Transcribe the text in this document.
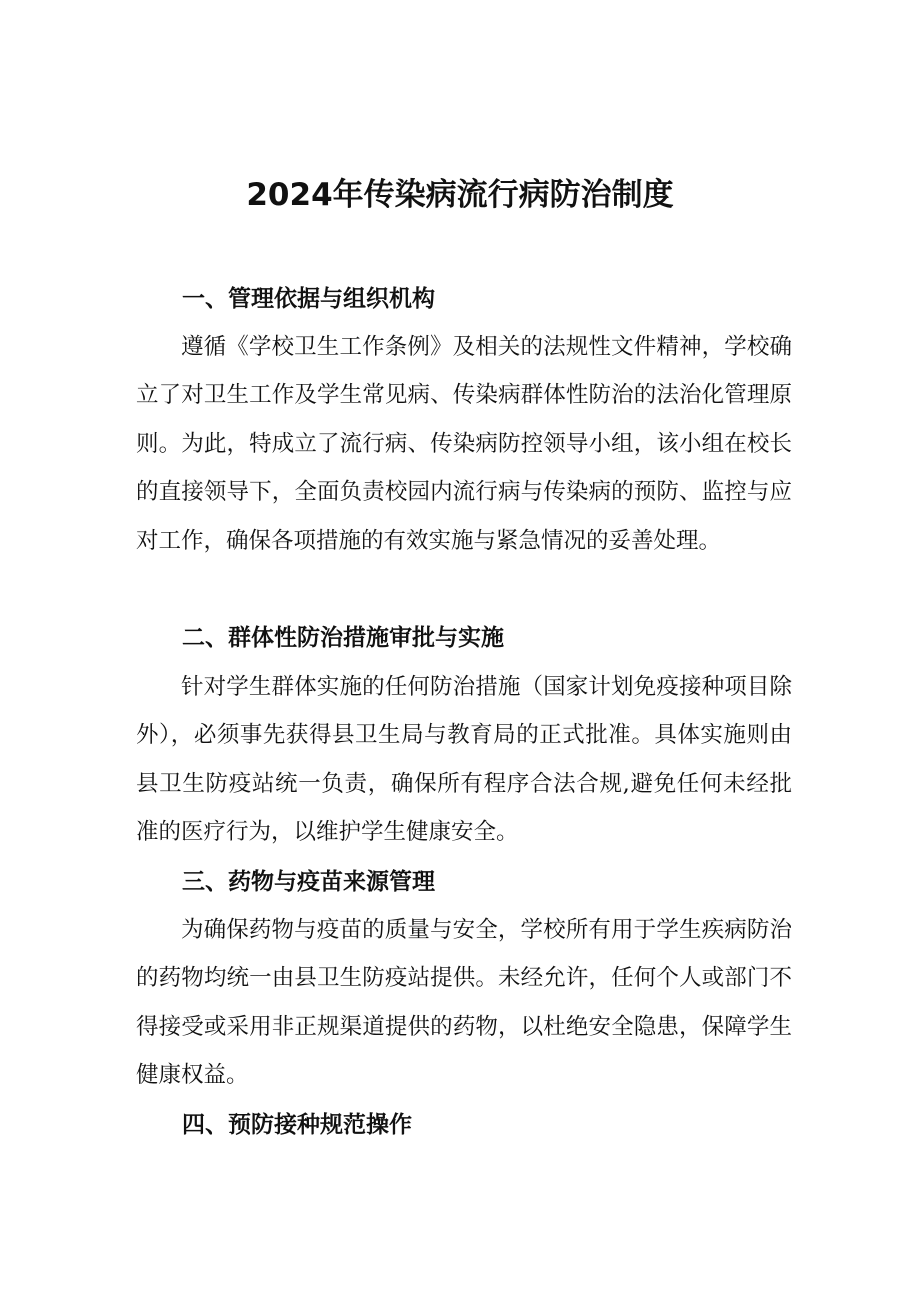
2024年传染病流行病防治制度
一、管理依据与组织机构

遵循《学校卫生工作条例》及相关的法规性文件精神，学校确立了对卫生工作及学生常见病、传染病群体性防治的法治化管理原则。为此，特成立了流行病、传染病防控领导小组，该小组在校长的直接领导下，全面负责校园内流行病与传染病的预防、监控与应对工作，确保各项措施的有效实施与紧急情况的妥善处理。

二、群体性防治措施审批与实施

针对学生群体实施的任何防治措施（国家计划免疫接种项目除外），必须事先获得县卫生局与教育局的正式批准。具体实施则由县卫生防疫站统一负责，确保所有程序合法合规,避免任何未经批准的医疗行为，以维护学生健康安全。

三、药物与疫苗来源管理

为确保药物与疫苗的质量与安全，学校所有用于学生疾病防治的药物均统一由县卫生防疫站提供。未经允许，任何个人或部门不得接受或采用非正规渠道提供的药物，以杜绝安全隐患，保障学生健康权益。

四、预防接种规范操作
